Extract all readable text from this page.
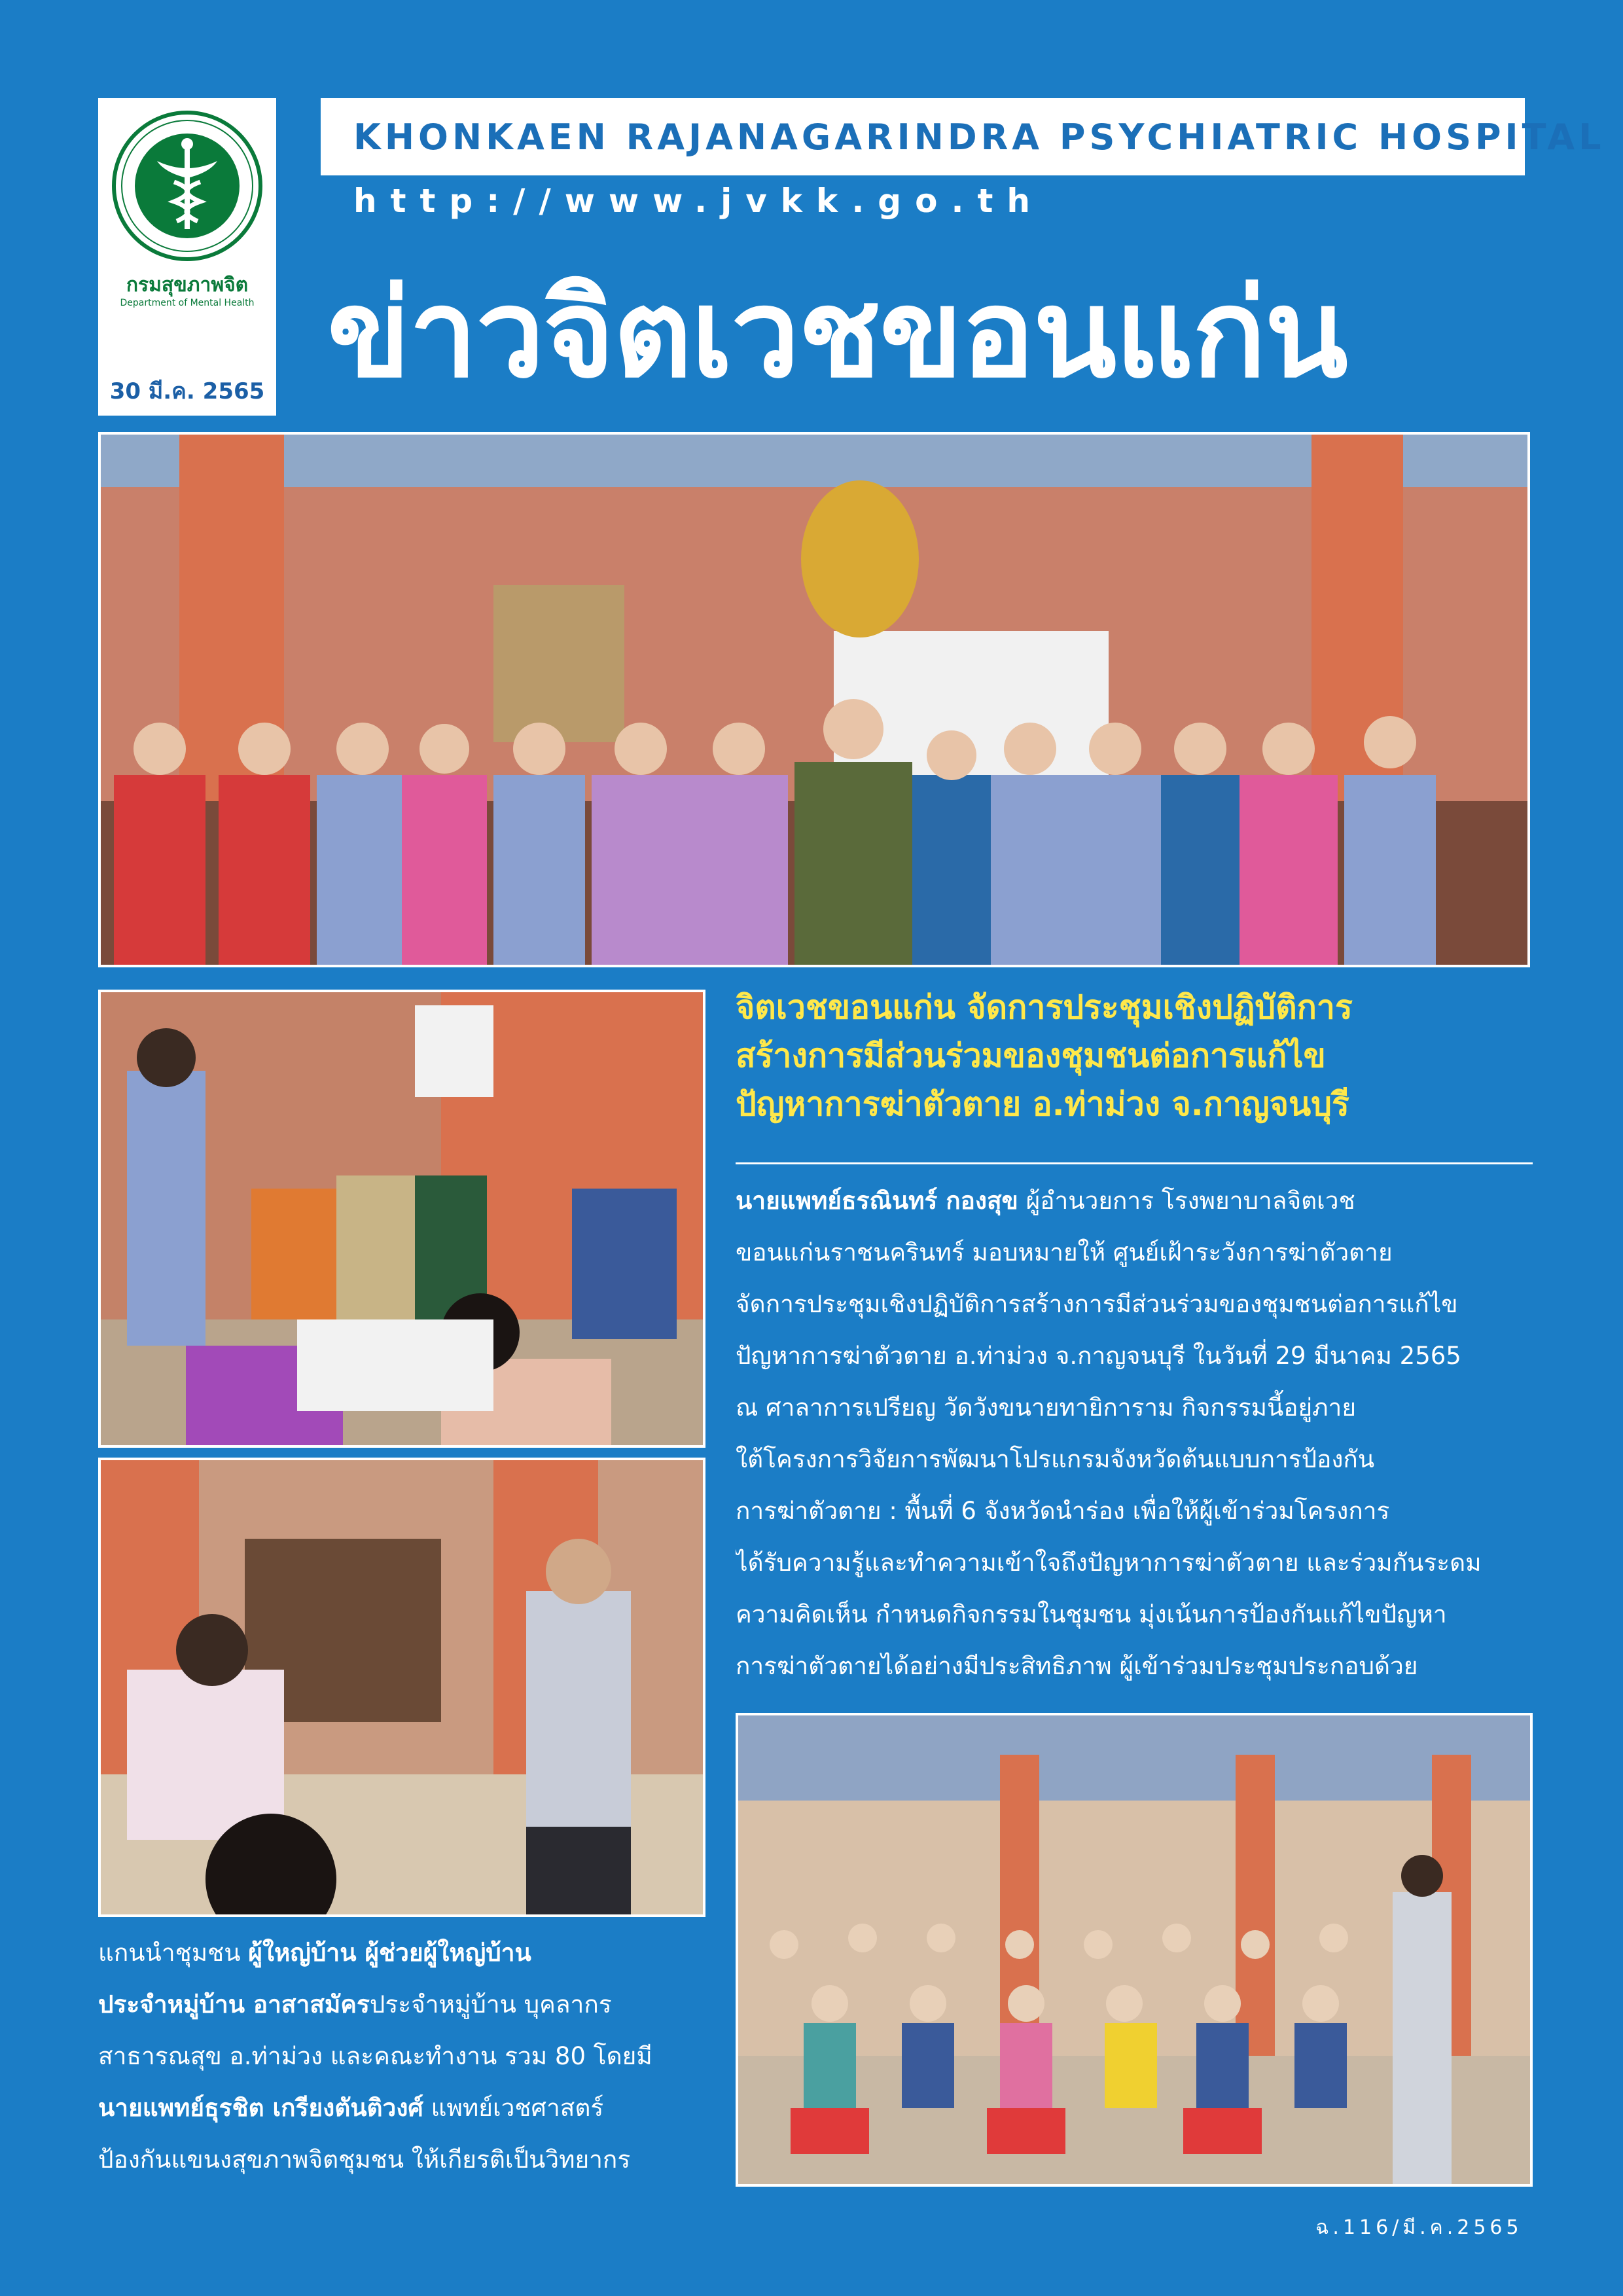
กรมสุขภาพจิต
Department of Mental Health
30 มี.ค. 2565
KHONKAEN RAJANAGARINDRA PSYCHIATRIC HOSPITAL
http://www.jvkk.go.th
ข่าวจิตเวชขอนแก่น
จิตเวชขอนแก่น จัดการประชุมเชิงปฏิบัติการ
สร้างการมีส่วนร่วมของชุมชนต่อการแก้ไข
ปัญหาการฆ่าตัวตาย อ.ท่าม่วง จ.กาญจนบุรี
นายแพทย์ธรณินทร์ กองสุข ผู้อำนวยการ โรงพยาบาลจิตเวช
ขอนแก่นราชนครินทร์ มอบหมายให้ ศูนย์เฝ้าระวังการฆ่าตัวตาย
จัดการประชุมเชิงปฏิบัติการสร้างการมีส่วนร่วมของชุมชนต่อการแก้ไข
ปัญหาการฆ่าตัวตาย อ.ท่าม่วง จ.กาญจนบุรี ในวันที่ 29 มีนาคม 2565
ณ ศาลาการเปรียญ วัดวังขนายทายิการาม กิจกรรมนี้อยู่ภาย
ใต้โครงการวิจัยการพัฒนาโปรแกรมจังหวัดต้นแบบการป้องกัน
การฆ่าตัวตาย : พื้นที่ 6 จังหวัดนำร่อง เพื่อให้ผู้เข้าร่วมโครงการ
ได้รับความรู้และทำความเข้าใจถึงปัญหาการฆ่าตัวตาย และร่วมกันระดม
ความคิดเห็น กำหนดกิจกรรมในชุมชน มุ่งเน้นการป้องกันแก้ไขปัญหา
การฆ่าตัวตายได้อย่างมีประสิทธิภาพ ผู้เข้าร่วมประชุมประกอบด้วย
แกนนำชุมชน ผู้ใหญ่บ้าน ผู้ช่วยผู้ใหญ่บ้าน
ประจำหมู่บ้าน อาสาสมัครประจำหมู่บ้าน บุคลากร
สาธารณสุข อ.ท่าม่วง และคณะทำงาน รวม 80 โดยมี
นายแพทย์ธุรชิต เกรียงตันติวงศ์ แพทย์เวชศาสตร์
ป้องกันแขนงสุขภาพจิตชุมชน ให้เกียรติเป็นวิทยากร
ฉ.116/มี.ค.2565
